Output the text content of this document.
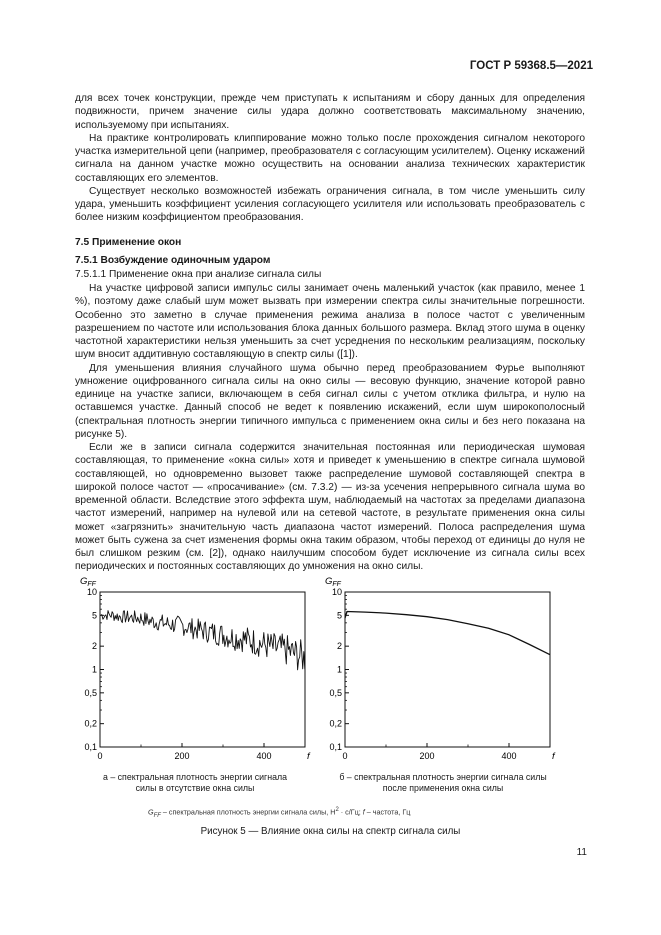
ГОСТ Р 59368.5—2021

для всех точек конструкции, прежде чем приступать к испытаниям и сбору данных для определения подвижности, причем значение силы удара должно соответствовать максимальному значению, используемому при испытаниях.

На практике контролировать клиппирование можно только после прохождения сигналом некоторого участка измерительной цепи (например, преобразователя с согласующим усилителем). Оценку искажений сигнала на данном участке можно осуществить на основании анализа технических характеристик составляющих его элементов.

Существует несколько возможностей избежать ограничения сигнала, в том числе уменьшить силу удара, уменьшить коэффициент усиления согласующего усилителя или использовать преобразователь с более низким коэффициентом преобразования.

7.5 Применение окон
7.5.1 Возбуждение одиночным ударом
7.5.1.1 Применение окна при анализе сигнала силы

На участке цифровой записи импульс силы занимает очень маленький участок (как правило, менее 1 %), поэтому даже слабый шум может вызвать при измерении спектра силы значительные погрешности. Особенно это заметно в случае применения режима анализа в полосе частот с увеличенным разрешением по частоте или использования блока данных большого размера. Вклад этого шума в оценку частотной характеристики нельзя уменьшить за счет усреднения по нескольким реализациям, поскольку шум вносит аддитивную составляющую в спектр силы ([1]).

Для уменьшения влияния случайного шума обычно перед преобразованием Фурье выполняют умножение оцифрованного сигнала силы на окно силы — весовую функцию, значение которой равно единице на участке записи, включающем в себя сигнал силы с учетом отклика фильтра, и нулю на оставшемся участке. Данный способ не ведет к появлению искажений, если шум широкополосный (спектральная плотность энергии типичного импульса с применением окна силы и без него показана на рисунке 5).

Если же в записи сигнала содержится значительная постоянная или периодическая шумовая составляющая, то применение «окна силы» хотя и приведет к уменьшению в спектре сигнала шумовой составляющей, но одновременно вызовет также распределение шумовой составляющей спектра в широкой полосе частот — «просачивание» (см. 7.3.2) — из-за усечения непрерывного сигнала шума во временной области. Вследствие этого эффекта шум, наблюдаемый на частотах за пределами диапазона частот измерений, например на нулевой или на сетевой частоте, в результате применения окна силы может «загрязнить» значительную часть диапазона частот измерений. Полоса распределения шума может быть сужена за счет изменения формы окна таким образом, чтобы переход от единицы до нуля не был слишком резким (см. [2]), однако наилучшим способом будет исключение из сигнала силы всех периодических и постоянных составляющих до умножения на окно силы.

$G_{FF}$
10
5
2
1
0,5
0,2
0,1
0	200	400	f
а – спектральная плотность энергии сигнала силы в отсутствие окна силы
$G_{FF}$
10
5
2
1
0,5
0,2
0,1
0	200	400	f
б – спектральная плотность энергии сигнала силы после применения окна силы
$G_{FF}$ – спектральная плотность энергии сигнала силы, $Н^2 \cdot с/Гц$; f – частота, Гц
Рисунок 5 — Влияние окна силы на спектр сигнала силы
11
